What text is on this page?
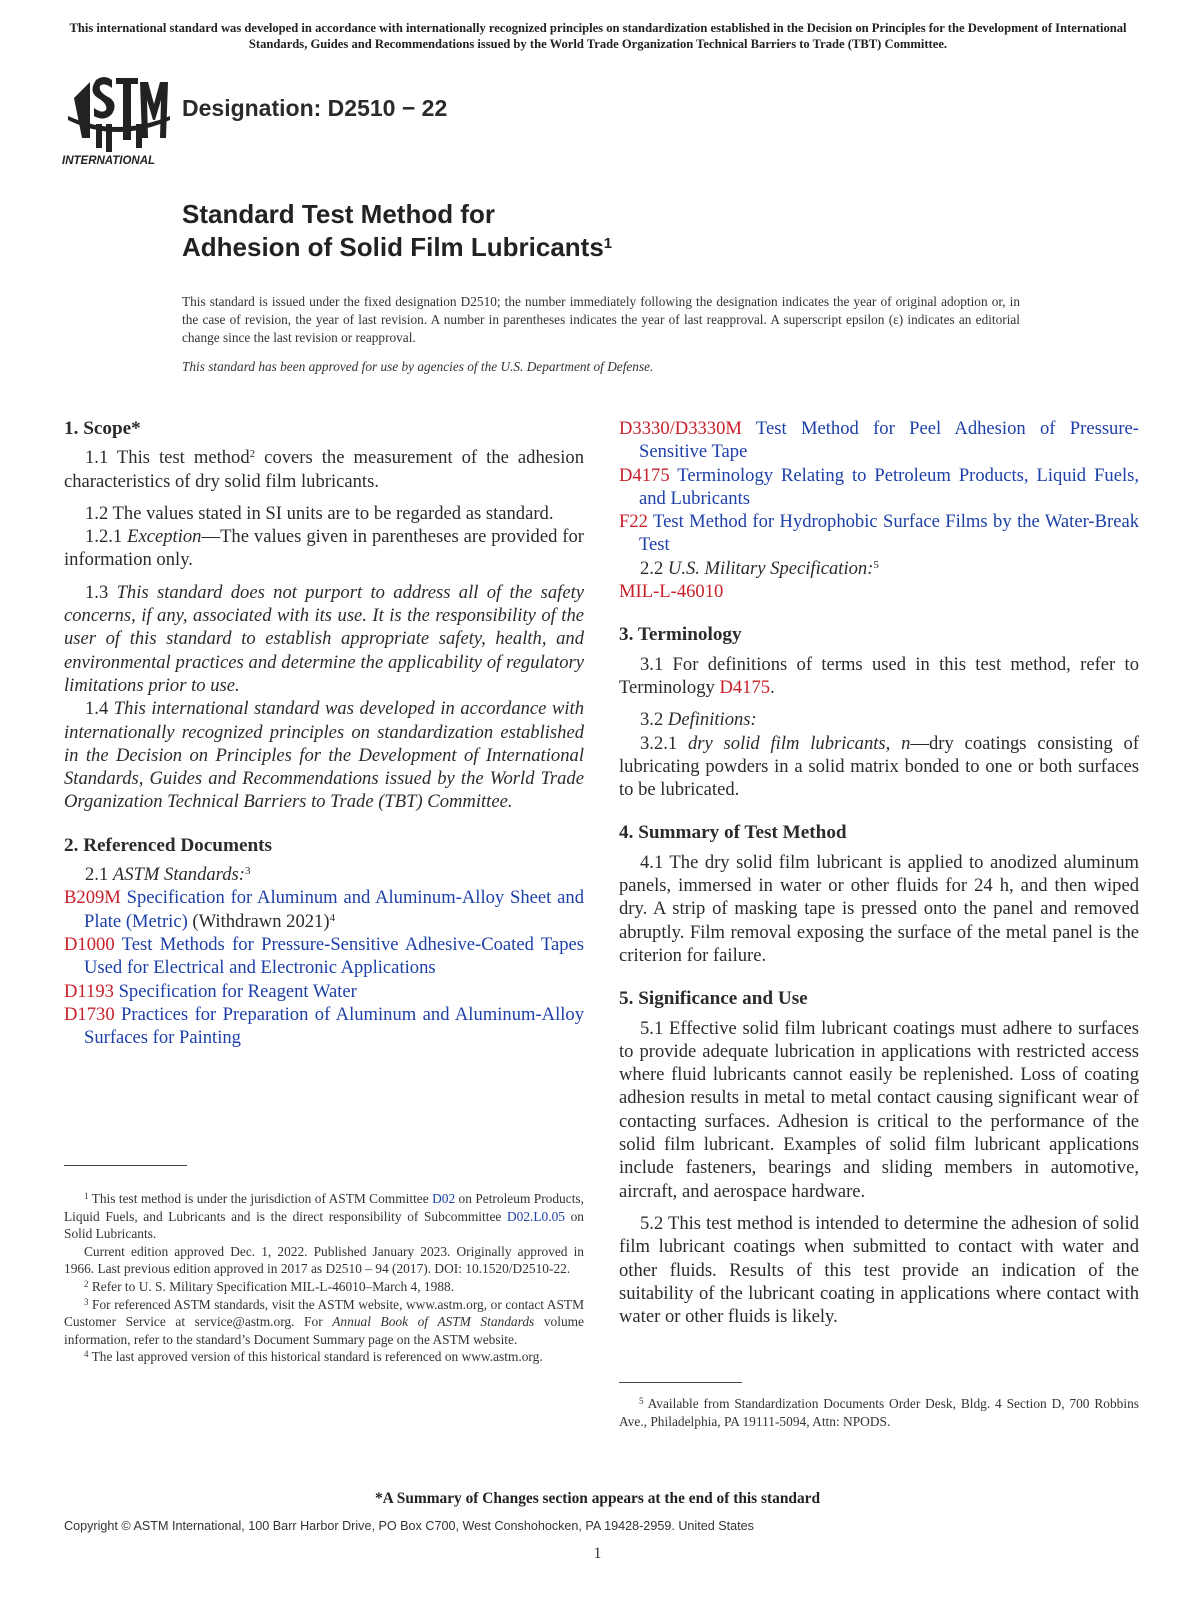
This international standard was developed in accordance with internationally recognized principles on standardization established in the Decision on Principles for the Development of International Standards, Guides and Recommendations issued by the World Trade Organization Technical Barriers to Trade (TBT) Committee.
INTERNATIONAL
Designation: D2510 − 22
Standard Test Method for
Adhesion of Solid Film Lubricants$^1$
This standard is issued under the fixed designation D2510; the number immediately following the designation indicates the year of original adoption or, in the case of revision, the year of last revision. A number in parentheses indicates the year of last reapproval. A superscript epsilon (ε) indicates an editorial change since the last revision or reapproval.
This standard has been approved for use by agencies of the U.S. Department of Defense.

1. Scope*

1.1 This test method$^2$ covers the measurement of the adhesion characteristics of dry solid film lubricants.

1.2 The values stated in SI units are to be regarded as standard.

1.2.1 Exception—The values given in parentheses are provided for information only.

1.3 This standard does not purport to address all of the safety concerns, if any, associated with its use. It is the responsibility of the user of this standard to establish appropriate safety, health, and environmental practices and determine the applicability of regulatory limitations prior to use.

1.4 This international standard was developed in accordance with internationally recognized principles on standardization established in the Decision on Principles for the Development of International Standards, Guides and Recommendations issued by the World Trade Organization Technical Barriers to Trade (TBT) Committee.

2. Referenced Documents

2.1 ASTM Standards:$^3$

B209M Specification for Aluminum and Aluminum-Alloy Sheet and Plate (Metric) (Withdrawn 2021)$^4$

D1000 Test Methods for Pressure-Sensitive Adhesive-Coated Tapes Used for Electrical and Electronic Applications

D1193 Specification for Reagent Water

D1730 Practices for Preparation of Aluminum and Aluminum-Alloy Surfaces for Painting

D3330/D3330M Test Method for Peel Adhesion of Pressure-Sensitive Tape

D4175 Terminology Relating to Petroleum Products, Liquid Fuels, and Lubricants

F22 Test Method for Hydrophobic Surface Films by the Water-Break Test

2.2 U.S. Military Specification:$^5$

MIL-L-46010

3. Terminology

3.1 For definitions of terms used in this test method, refer to Terminology D4175.

3.2 Definitions:

3.2.1 dry solid film lubricants, n—dry coatings consisting of lubricating powders in a solid matrix bonded to one or both surfaces to be lubricated.

4. Summary of Test Method

4.1 The dry solid film lubricant is applied to anodized aluminum panels, immersed in water or other fluids for 24 h, and then wiped dry. A strip of masking tape is pressed onto the panel and removed abruptly. Film removal exposing the surface of the metal panel is the criterion for failure.

5. Significance and Use

5.1 Effective solid film lubricant coatings must adhere to surfaces to provide adequate lubrication in applications with restricted access where fluid lubricants cannot easily be replenished. Loss of coating adhesion results in metal to metal contact causing significant wear of contacting surfaces. Adhesion is critical to the performance of the solid film lubricant. Examples of solid film lubricant applications include fasteners, bearings and sliding members in automotive, aircraft, and aerospace hardware.

5.2 This test method is intended to determine the adhesion of solid film lubricant coatings when submitted to contact with water and other fluids. Results of this test provide an indication of the suitability of the lubricant coating in applications where contact with water or other fluids is likely.

$^1$ This test method is under the jurisdiction of ASTM Committee D02 on Petroleum Products, Liquid Fuels, and Lubricants and is the direct responsibility of Subcommittee D02.L0.05 on Solid Lubricants.

Current edition approved Dec. 1, 2022. Published January 2023. Originally approved in 1966. Last previous edition approved in 2017 as D2510 – 94 (2017). DOI: 10.1520/D2510-22.

$^2$ Refer to U. S. Military Specification MIL-L-46010–March 4, 1988.

$^3$ For referenced ASTM standards, visit the ASTM website, www.astm.org, or contact ASTM Customer Service at service@astm.org. For Annual Book of ASTM Standards volume information, refer to the standard’s Document Summary page on the ASTM website.

$^4$ The last approved version of this historical standard is referenced on www.astm.org.

$^5$ Available from Standardization Documents Order Desk, Bldg. 4 Section D, 700 Robbins Ave., Philadelphia, PA 19111-5094, Attn: NPODS.
*A Summary of Changes section appears at the end of this standard
Copyright © ASTM International, 100 Barr Harbor Drive, PO Box C700, West Conshohocken, PA 19428-2959. United States
1
